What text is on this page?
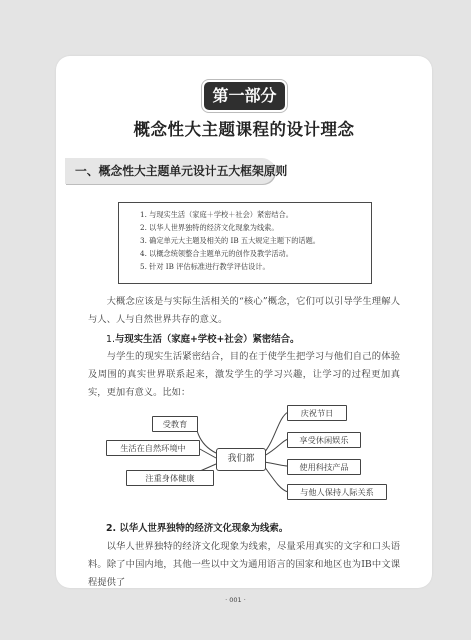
第一部分
概念性大主题课程的设计理念
一、概念性大主题单元设计五大框架原则
1. 与现实生活（家庭＋学校＋社会）紧密结合。
2. 以华人世界独特的经济文化现象为线索。
3. 确定单元大主题及相关的 IB 五大规定主题下的话题。
4. 以概念统领整合主题单元的创作及教学活动。
5. 针对 IB 评估标准进行教学评估设计。
大概念应该是与实际生活相关的“核心”概念，它们可以引导学生理解人与人、人与自然世界共存的意义。
1.与现实生活（家庭+学校+社会）紧密结合。
与学生的现实生活紧密结合，目的在于使学生把学习与他们自己的体验及周围的真实世界联系起来，激发学生的学习兴趣，让学习的过程更加真实，更加有意义。比如：
受教育
生活在自然环境中
注重身体健康
我们都
庆祝节日
享受休闲娱乐
使用科技产品
与他人保持人际关系
2. 以华人世界独特的经济文化现象为线索。
以华人世界独特的经济文化现象为线索，尽量采用真实的文字和口头语料。除了中国内地，其他一些以中文为通用语言的国家和地区也为IB中文课程提供了
· 001 ·
